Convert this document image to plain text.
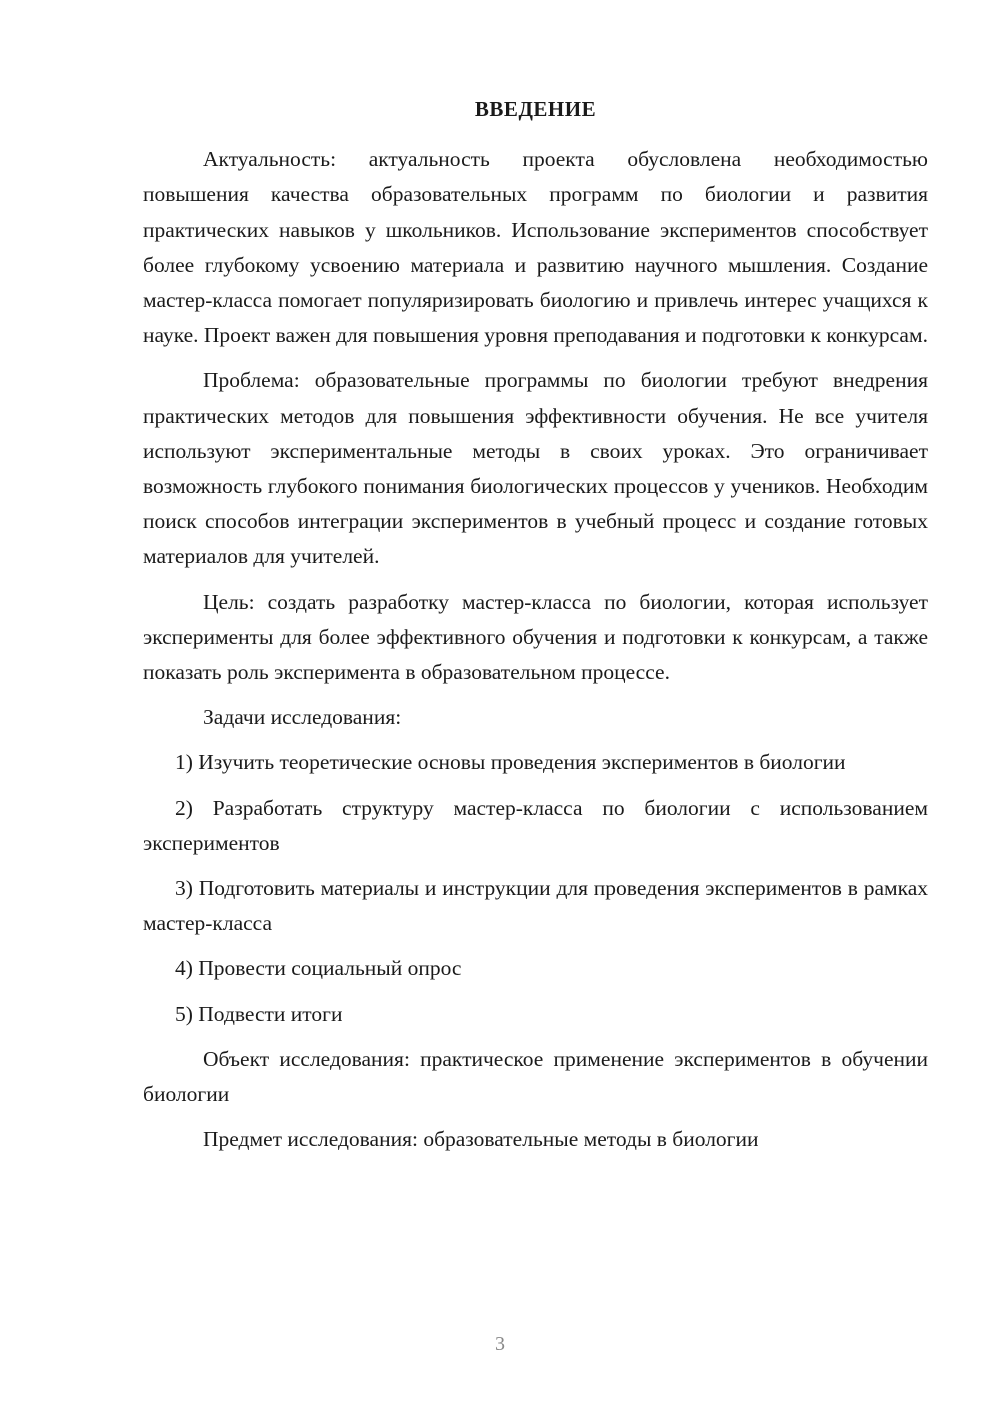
ВВЕДЕНИЕ

Актуальность: актуальность проекта обусловлена необходимостью повышения качества образовательных программ по биологии и развития практических навыков у школьников. Использование экспериментов способствует более глубокому усвоению материала и развитию научного мышления. Создание мастер-класса помогает популяризировать биологию и привлечь интерес учащихся к науке. Проект важен для повышения уровня преподавания и подготовки к конкурсам.

Проблема: образовательные программы по биологии требуют внедрения практических методов для повышения эффективности обучения. Не все учителя используют экспериментальные методы в своих уроках. Это ограничивает возможность глубокого понимания биологических процессов у учеников. Необходим поиск способов интеграции экспериментов в учебный процесс и создание готовых материалов для учителей.

Цель: создать разработку мастер-класса по биологии, которая использует эксперименты для более эффективного обучения и подготовки к конкурсам, а также показать роль эксперимента в образовательном процессе.

Задачи исследования:

1) Изучить теоретические основы проведения экспериментов в биологии

2) Разработать структуру мастер-класса по биологии с использованием экспериментов

3) Подготовить материалы и инструкции для проведения экспериментов в рамках мастер-класса

4) Провести социальный опрос

5) Подвести итоги

Объект исследования: практическое применение экспериментов в обучении биологии

Предмет исследования: образовательные методы в биологии

3
